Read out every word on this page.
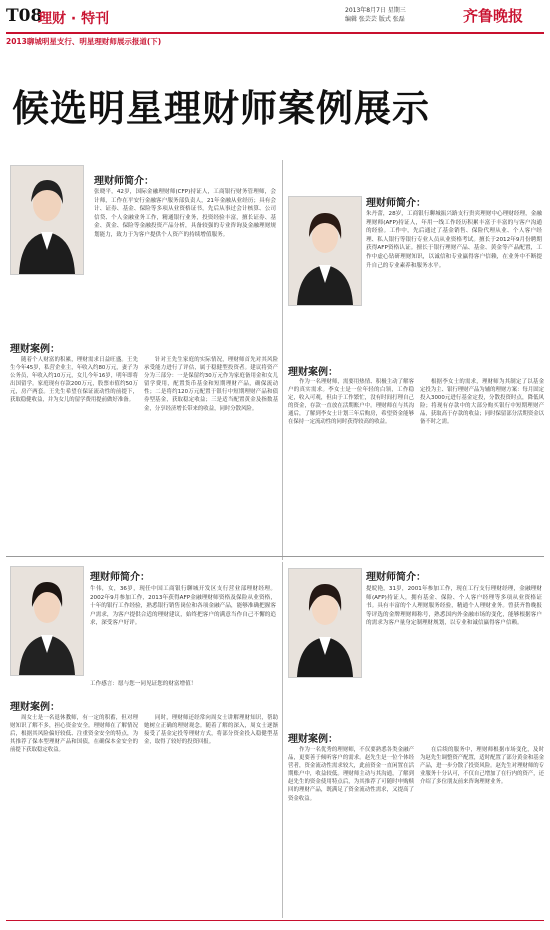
T08
理财 · 特刊
2013年8月7日 星期三
编辑 张芸芸 版式 张磊	齐鲁晚报
2013聊城明星支行、明星理财师展示报道(下)
候选明星理财师案例展示
理财师简介：
张晓平，42岁，国际金融理财师(CFP)持证人，工商银行财务管理师，会计师，工作在平安行金融客户服务部负责人，21年金融从业经历；具有会计、证券、基金、保险等多项从业资格证书，先后从事过会计核算、公司信贷、个人金融业务工作，精通银行业务，投资经验丰富，擅长证券、基金、黄金、保险等金融投资产品分析，具备较强的专业咨询及金融理财规划能力，致力于为客户提供个人资产的持续增值服务。
理财师简介：
朱丹蕾，28岁，工商银行聊城振兴路支行贵宾理财中心理财经理，金融理财师(AFP)持证人，年用一线工作经历积累丰富于丰富的与客户沟通的经验。工作中，先后通过了基金销售、保险代理从业、个人客户经理、私人银行等银行专业人员从业资格考试。擅长于2012年9月份聘期获得AFP资格认证。擅长于银行理财产品、基金、黄金等产品配置，工作中虚心钻研理财知识，以诚信和专业赢得客户信赖，在业务中不断提升自己的专业素养和服务水平。
理财案例：
理财案例：
随着个人财富的积累，理财需求日益旺盛。王先生今年45岁，私营企业主，年收入约80万元，妻子为公务员，年收入约10万元，女儿今年16岁，明年即将出国留学。家庭现有存款200万元，股票市值约50万元，房产两套。王先生希望在保证流动性的前提下，获取稳健收益，并为女儿的留学费用提前做好准备。
针对王先生家庭的实际情况，理财师首先对其风险承受能力进行了评估，属于稳健型投资者。建议将资产分为三部分：一是保留约30万元作为家庭备用金和女儿留学费用，配置货币基金和短期理财产品，确保流动性；二是将约120万元配置于银行中短期理财产品和债券型基金，获取稳定收益；三是适当配置黄金及指数基金，分享经济增长带来的收益，同时分散风险。
作为一名理财师，需要用热情、积极主动了解客户的真实需求。李女士是一位年轻的白领，工作稳定，收入可观，但由于工作繁忙，没有时间打理自己的资金，存款一直放在活期账户中。理财师在与其沟通后，了解到李女士计划三年后购房，希望资金能够在保持一定流动性的同时获得较高的收益。
根据李女士的需求，理财师为其制定了以基金定投为主、银行理财产品为辅的理财方案：每月固定投入3000元进行基金定投，分散投资时点，降低风险；将现有存款中的大部分购买银行中短期理财产品，获取高于存款的收益；同时保留部分活期资金以备不时之需。
理财师简介：
牛伟，女，36岁，现任中国工商银行聊城开发区支行营业部理财经理。2002年9月参加工作，2013年获得AFP金融理财师资格及保险从业资格，十年的银行工作经验，熟悉银行销售岗位和各项金融产品，能够准确把握客户需求，为客户提供合适的理财建议，始终把客户的满意当作自己不懈的追求，深受客户好评。
工作感言：愿与您一同见证您的财富增值！
理财师简介：
提皖艳，31岁，2001年参加工作，现在工行支行理财经理，金融理财师(AFP)持证人，拥有基金、保险、个人客户经理等多项从业资格证书。具有丰富的个人理财服务经验，精通个人理财业务。曾获齐鲁晚报等评选的金牌理财师称号，熟悉国内外金融市场的变化，能够根据客户的需求为客户量身定制理财规划，以专业和诚信赢得客户信赖。
理财案例：
理财案例：
周女士是一名退休教师，有一定的积蓄，但对理财知识了解不多，担心资金安全。理财师在了解情况后，根据其风险偏好较低、注重资金安全的特点，为其推荐了保本型理财产品和国债，在确保本金安全的前提下获取稳定收益。
同时，理财师还经常向周女士讲解理财知识，帮助她树立正确的理财观念。随着了解的深入，周女士逐渐接受了基金定投等理财方式，将部分资金投入稳健型基金，取得了较好的投资回报。
作为一名优秀的理财师，不仅要熟悉各类金融产品，更要善于倾听客户的需求。赵先生是一位个体经营者，资金流动性需求较大，此前资金一直闲置在活期账户中，收益较低。理财师主动与其沟通，了解到赵先生的资金使用特点后，为其推荐了可随时申购赎回的理财产品，既满足了资金流动性需求，又提高了资金收益。
在后续的服务中，理财师根据市场变化，及时为赵先生调整资产配置，适时配置了部分黄金和基金产品，进一步分散了投资风险。赵先生对理财师的专业服务十分认可，不仅自己增加了在行内的资产，还介绍了多位朋友前来咨询理财业务。
